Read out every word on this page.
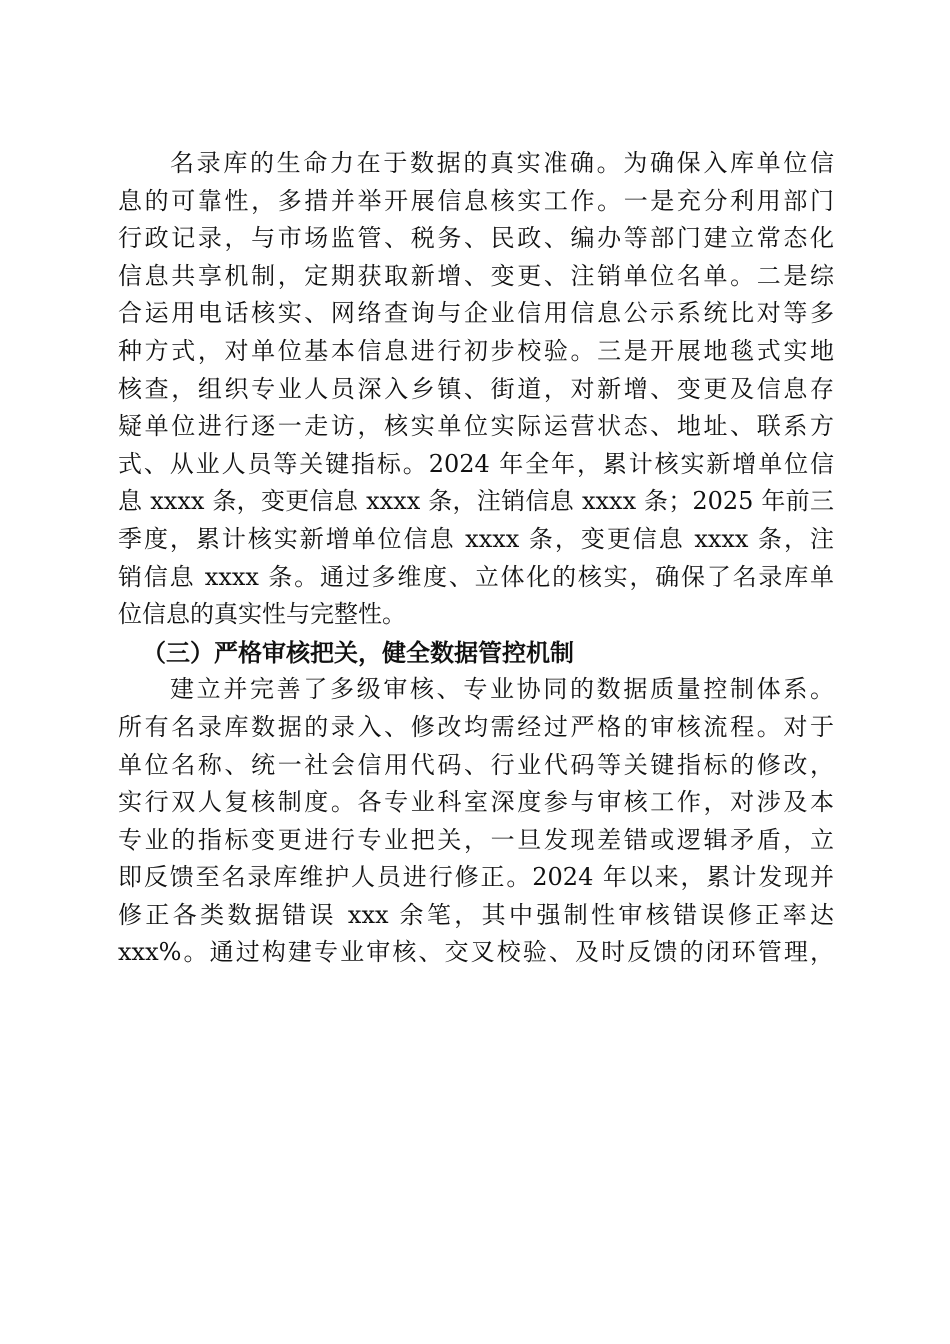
名录库的生命力在于数据的真实准确。为确保入库单位信
息的可靠性，多措并举开展信息核实工作。一是充分利用部门
行政记录，与市场监管、税务、民政、编办等部门建立常态化
信息共享机制，定期获取新增、变更、注销单位名单。二是综
合运用电话核实、网络查询与企业信用信息公示系统比对等多
种方式，对单位基本信息进行初步校验。三是开展地毯式实地
核查，组织专业人员深入乡镇、街道，对新增、变更及信息存
疑单位进行逐一走访，核实单位实际运营状态、地址、联系方
式、从业人员等关键指标。2024 年全年，累计核实新增单位信
息 xxxx 条，变更信息 xxxx 条，注销信息 xxxx 条；2025 年前三
季度，累计核实新增单位信息 xxxx 条，变更信息 xxxx 条，注
销信息 xxxx 条。通过多维度、立体化的核实，确保了名录库单
位信息的真实性与完整性。
（三）严格审核把关，健全数据管控机制
建立并完善了多级审核、专业协同的数据质量控制体系。
所有名录库数据的录入、修改均需经过严格的审核流程。对于
单位名称、统一社会信用代码、行业代码等关键指标的修改，
实行双人复核制度。各专业科室深度参与审核工作，对涉及本
专业的指标变更进行专业把关，一旦发现差错或逻辑矛盾，立
即反馈至名录库维护人员进行修正。2024 年以来，累计发现并
修正各类数据错误 xxx 余笔，其中强制性审核错误修正率达
xxx%。通过构建专业审核、交叉校验、及时反馈的闭环管理，
